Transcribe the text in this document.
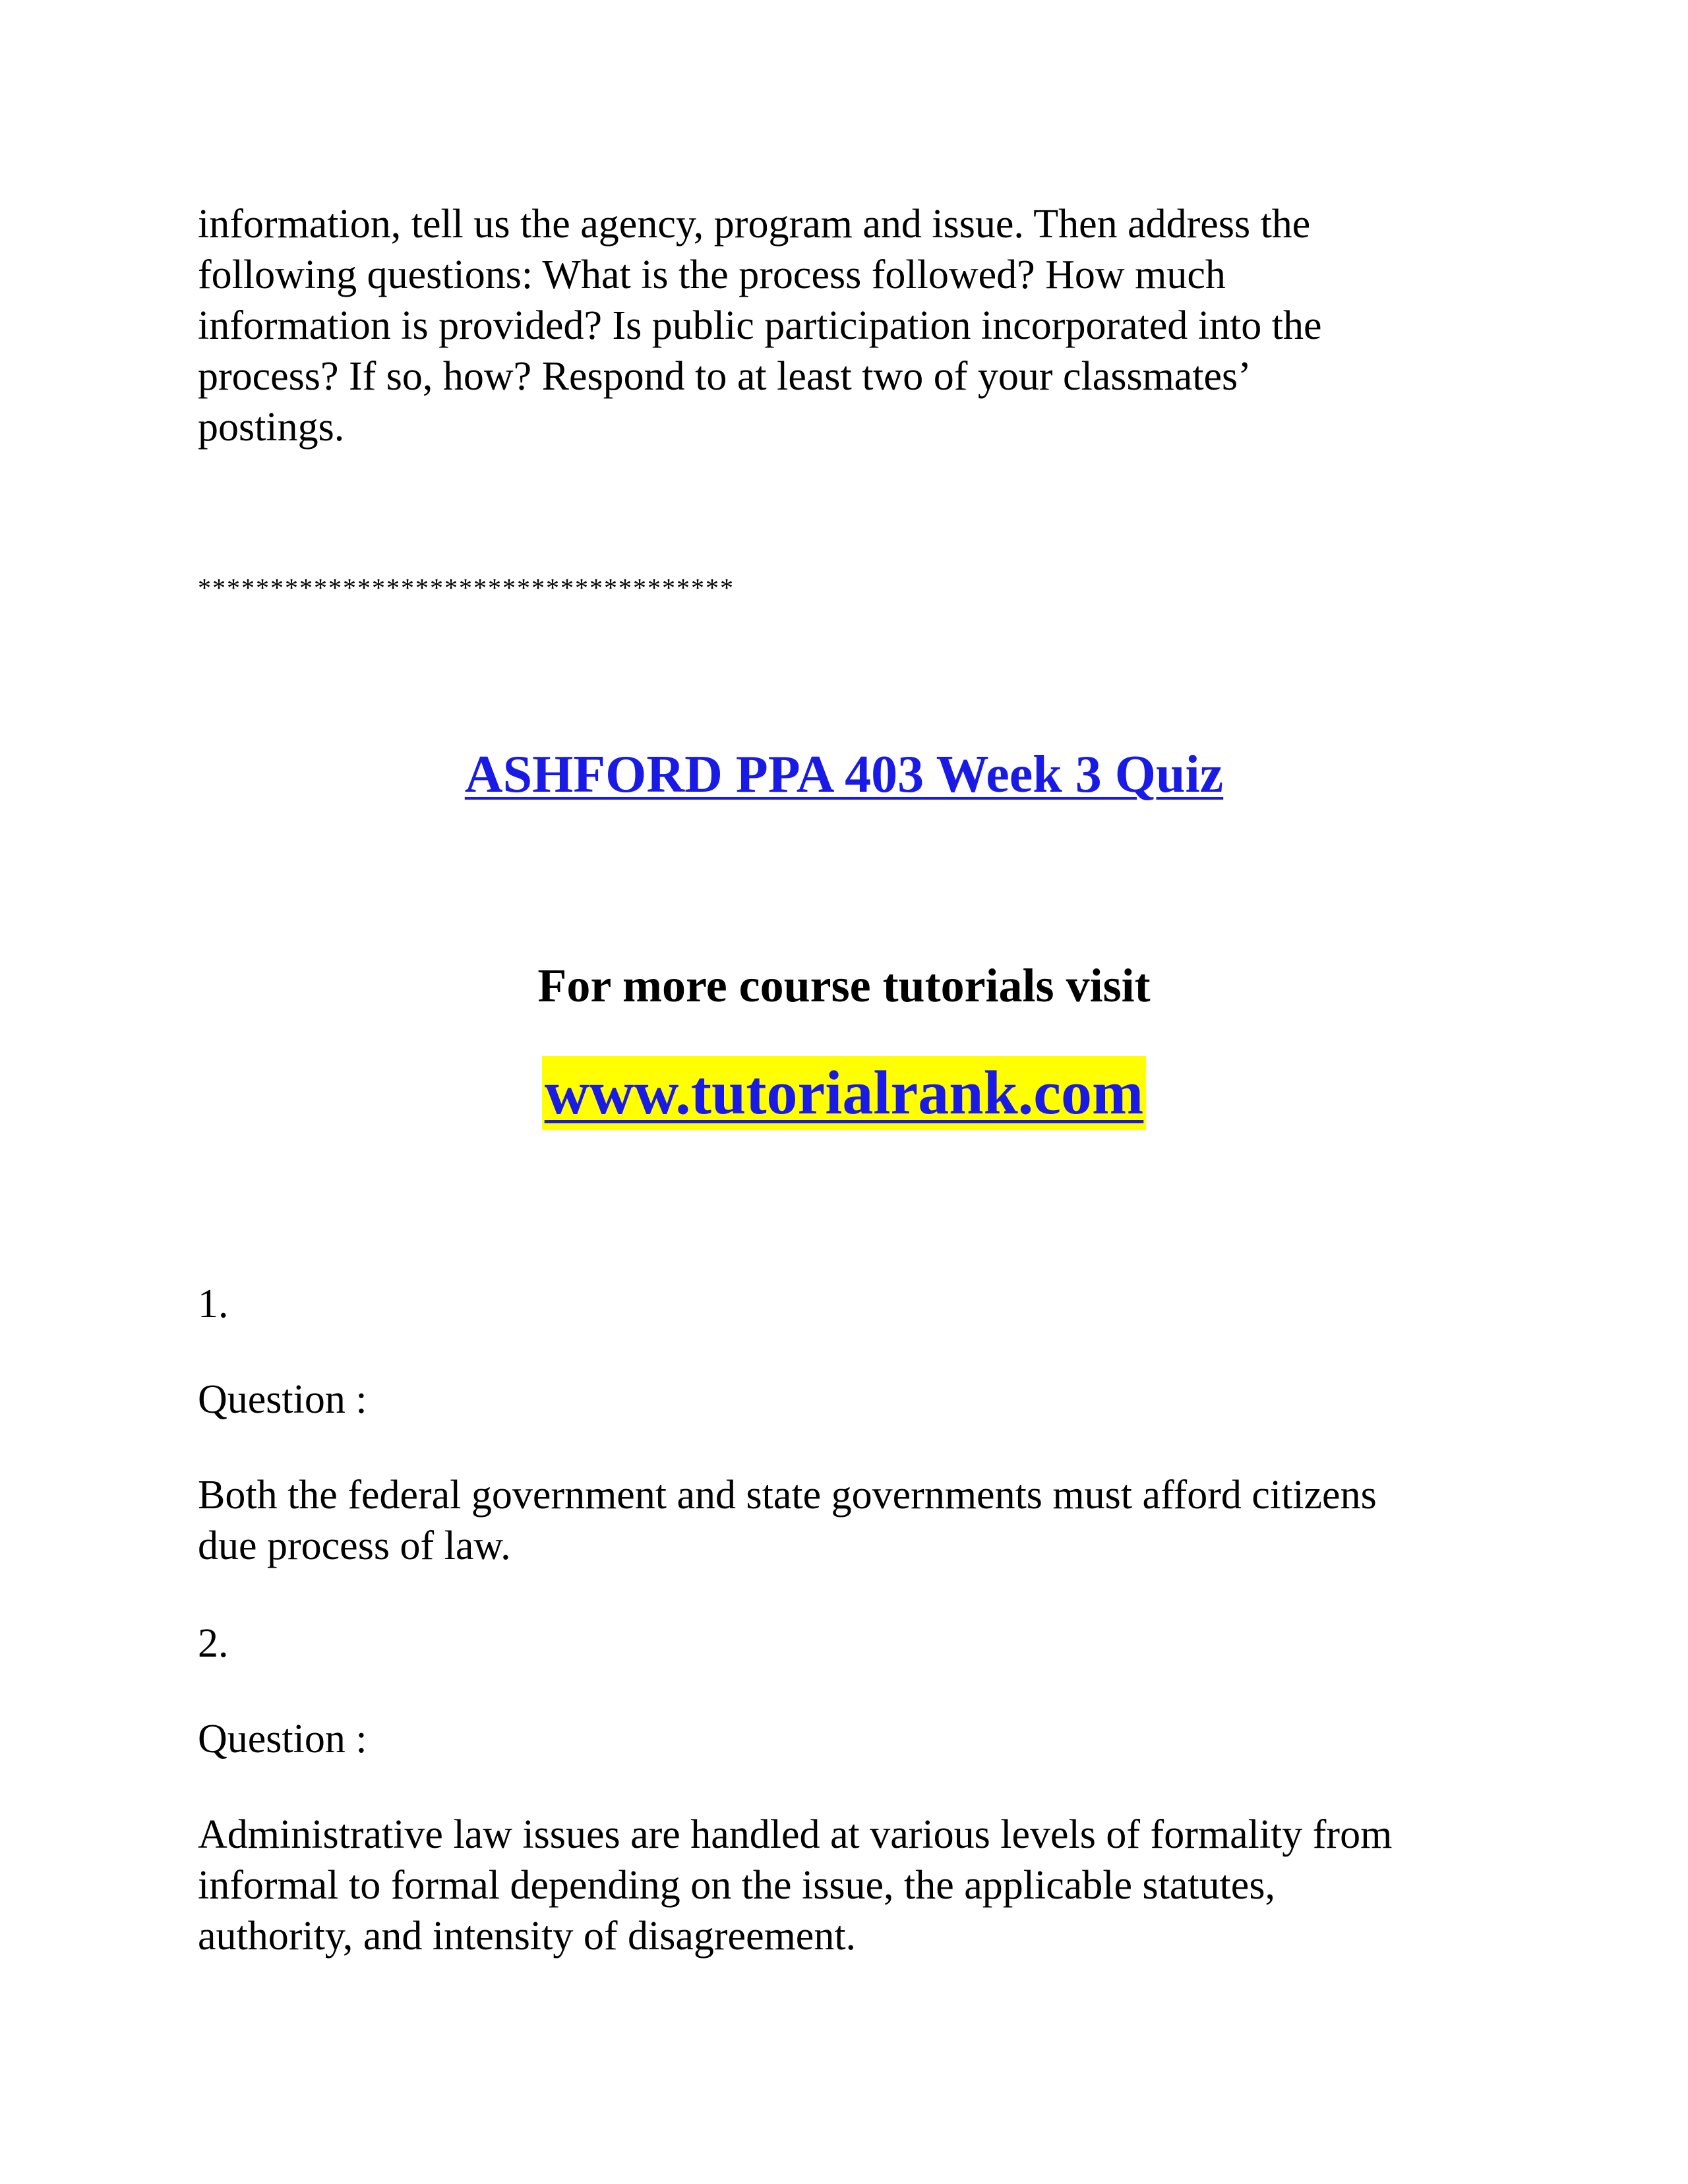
information, tell us the agency, program and issue. Then address the
following questions: What is the process followed? How much
information is provided? Is public participation incorporated into the
process? If so, how? Respond to at least two of your classmates’
postings.

*************************************

ASHFORD PPA 403 Week 3 Quiz
For more course tutorials visit

www.tutorialrank.com

1.

Question :

Both the federal government and state governments must afford citizens
due process of law.

2.

Question :

Administrative law issues are handled at various levels of formality from
informal to formal depending on the issue, the applicable statutes,
authority, and intensity of disagreement.
